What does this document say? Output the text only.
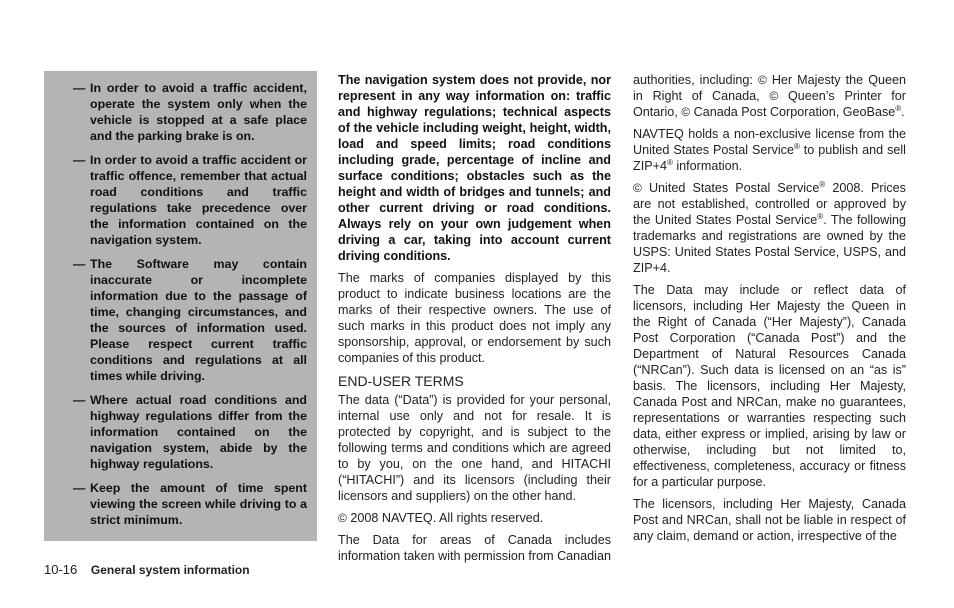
— In order to avoid a traffic accident, operate the system only when the vehicle is stopped at a safe place and the parking brake is on.
— In order to avoid a traffic accident or traffic offence, remember that actual road conditions and traffic regulations take precedence over the information contained on the navigation system.
— The Software may contain inaccurate or incomplete information due to the passage of time, changing circumstances, and the sources of information used. Please respect current traffic conditions and regulations at all times while driving.
— Where actual road conditions and highway regulations differ from the information contained on the navigation system, abide by the highway regulations.
— Keep the amount of time spent viewing the screen while driving to a strict minimum.

The navigation system does not provide, nor represent in any way information on: traffic and highway regulations; technical aspects of the vehicle including weight, height, width, load and speed limits; road conditions including grade, percentage of incline and surface conditions; obstacles such as the height and width of bridges and tunnels; and other current driving or road conditions. Always rely on your own judgement when driving a car, taking into account current driving conditions.

The marks of companies displayed by this product to indicate business locations are the marks of their respective owners. The use of such marks in this product does not imply any sponsorship, approval, or endorsement by such companies of this product.

END-USER TERMS

The data (“Data”) is provided for your personal, internal use only and not for resale. It is protected by copyright, and is subject to the following terms and conditions which are agreed to by you, on the one hand, and HITACHI (“HITACHI”) and its licensors (including their licensors and suppliers) on the other hand.

© 2008 NAVTEQ. All rights reserved.

The Data for areas of Canada includes information taken with permission from Canadian

authorities, including: © Her Majesty the Queen in Right of Canada, © Queen’s Printer for Ontario, © Canada Post Corporation, GeoBase®.

NAVTEQ holds a non-exclusive license from the United States Postal Service® to publish and sell ZIP+4® information.

© United States Postal Service® 2008. Prices are not established, controlled or approved by the United States Postal Service®. The following trademarks and registrations are owned by the USPS: United States Postal Service, USPS, and ZIP+4.

The Data may include or reflect data of licensors, including Her Majesty the Queen in the Right of Canada (“Her Majesty”), Canada Post Corporation (“Canada Post”) and the Department of Natural Resources Canada (“NRCan”). Such data is licensed on an “as is” basis. The licensors, including Her Majesty, Canada Post and NRCan, make no guarantees, representations or warranties respecting such data, either express or implied, arising by law or otherwise, including but not limited to, effectiveness, completeness, accuracy or fitness for a particular purpose.

The licensors, including Her Majesty, Canada Post and NRCan, shall not be liable in respect of any claim, demand or action, irrespective of the

10-16 General system information
